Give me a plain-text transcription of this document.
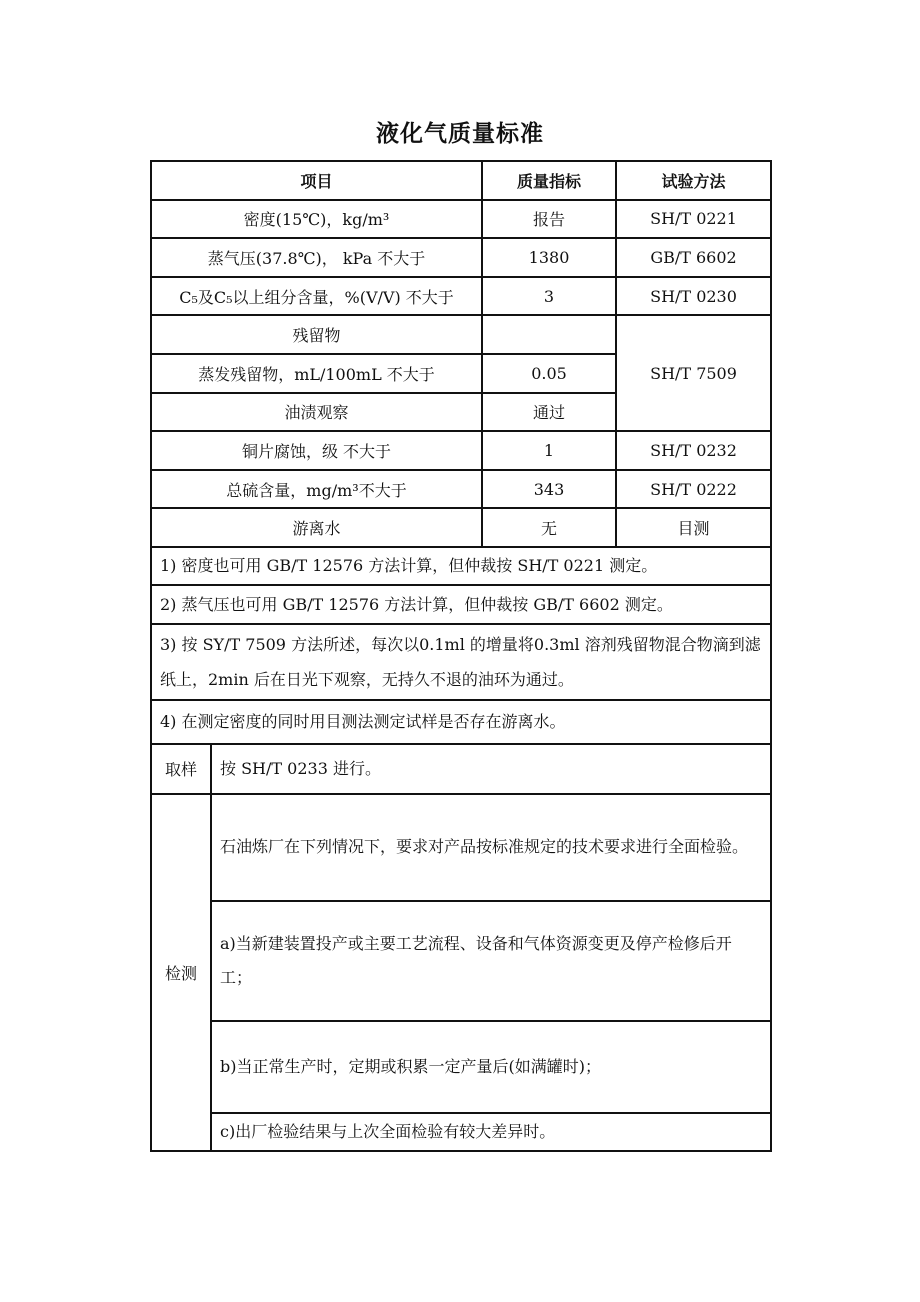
液化气质量标准
项目		质量指标	试验方法
密度(15℃)，kg/m³		报告	SH/T 0221
蒸气压(37.8℃)， kPa 不大于		1380	GB/T 6602
C₅及C₅以上组分含量，%(V/V) 不大于		3	SH/T 0230
残留物			SH/T 7509
蒸发残留物，mL/100mL 不大于		0.05	
油渍观察		通过	
铜片腐蚀，级 不大于		1	SH/T 0232
总硫含量，mg/m³不大于		343	SH/T 0222
游离水		无	目测
1) 密度也可用 GB/T 12576 方法计算，但仲裁按 SH/T 0221 测定。			
2) 蒸气压也可用 GB/T 12576 方法计算，但仲裁按 GB/T 6602 测定。			
3) 按 SY/T 7509 方法所述，每次以0.1ml 的增量将0.3ml 溶剂残留物混合物滴到滤纸上，2min 后在日光下观察，无持久不退的油环为通过。			
4) 在测定密度的同时用目测法测定试样是否存在游离水。			
取样	按 SH/T 0233 进行。		
检测	石油炼厂在下列情况下，要求对产品按标准规定的技术要求进行全面检验。		
	a)当新建装置投产或主要工艺流程、设备和气体资源变更及停产检修后开工；		
	b)当正常生产时，定期或积累一定产量后(如满罐时)；		
	c)出厂检验结果与上次全面检验有较大差异时。		
